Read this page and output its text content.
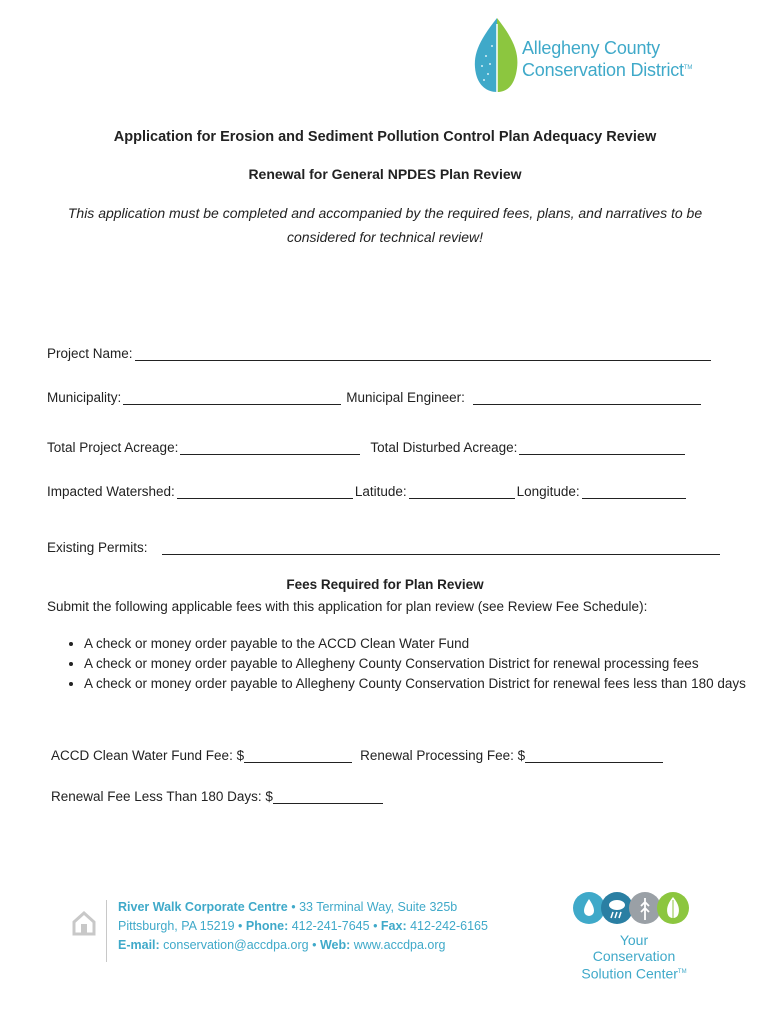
Allegheny County
Conservation District™
Application for Erosion and Sediment Pollution Control Plan Adequacy Review
Renewal for General NPDES Plan Review
This application must be completed and accompanied by the required fees, plans, and narratives to be considered for technical review!
Project Name:
Municipality:	Municipal Engineer:
Total Project Acreage:	Total Disturbed Acreage:
Impacted Watershed:	Latitude:	Longitude:
Existing Permits:
Fees Required for Plan Review
Submit the following applicable fees with this application for plan review (see Review Fee Schedule):
• A check or money order payable to the ACCD Clean Water Fund
• A check or money order payable to Allegheny County Conservation District for renewal processing fees
• A check or money order payable to Allegheny County Conservation District for renewal fees less than 180 days
ACCD Clean Water Fund Fee: $	Renewal Processing Fee: $
Renewal Fee Less Than 180 Days: $
River Walk Corporate Centre • 33 Terminal Way, Suite 325b
Pittsburgh, PA 15219 • Phone: 412-241-7645 • Fax: 412-242-6165
E-mail: conservation@accdpa.org • Web: www.accdpa.org	Your Conservation
Solution Center™
